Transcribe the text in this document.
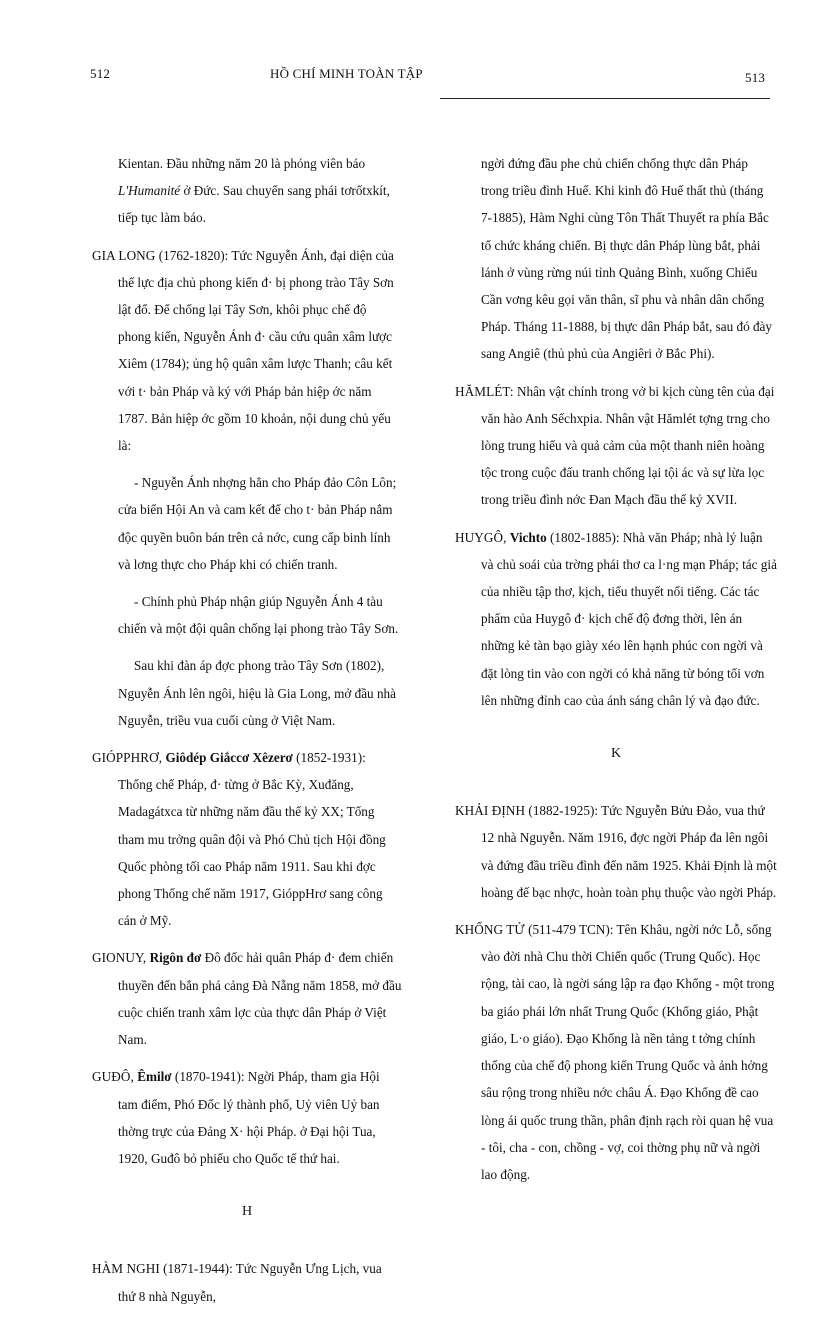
512	HỒ CHÍ MINH TOÀN TẬP	513

Kientan. Đầu những năm 20 là phóng viên báo L'Humanité ở Đức. Sau chuyển sang phái tơrốtxkít, tiếp tục làm báo.

GIA LONG (1762-1820): Tức Nguyễn Ánh, đại diện của thế lực địa chủ phong kiến đ· bị phong trào Tây Sơn lật đổ. Để chống lại Tây Sơn, khôi phục chế độ phong kiến, Nguyễn Ánh đ· cầu cứu quân xâm lược Xiêm (1784); ủng hộ quân xâm lược Thanh; câu kết với t· bản Pháp và ký với Pháp bản hiệp ớc năm 1787. Bản hiệp ớc gồm 10 khoản, nội dung chủ yếu là:

- Nguyễn Ánh nhợng hẳn cho Pháp đảo Côn Lôn; cửa biển Hội An và cam kết để cho t· bản Pháp nắm độc quyền buôn bán trên cả nớc, cung cấp binh lính và lơng thực cho Pháp khi có chiến tranh.

- Chính phủ Pháp nhận giúp Nguyễn Ánh 4 tàu chiến và một đội quân chống lại phong trào Tây Sơn.

Sau khi đàn áp đợc phong trào Tây Sơn (1802), Nguyễn Ánh lên ngôi, hiệu là Gia Long, mở đầu nhà Nguyễn, triều vua cuối cùng ở Việt Nam.

GIÓPPHRƠ, Giôdép Giắccơ Xêzerơ (1852-1931): Thống chế Pháp, đ· từng ở Bắc Kỳ, Xuđăng, Madagátxca từ những năm đầu thế kỷ XX; Tổng tham mu trởng quân đội và Phó Chủ tịch Hội đồng Quốc phòng tối cao Pháp năm 1911. Sau khi đợc phong Thống chế năm 1917, GióppHrơ sang công cán ở Mỹ.

GIONUY, Rigôn đơ Đô đốc hải quân Pháp đ· đem chiến thuyền đến bắn phá cảng Đà Nẵng năm 1858, mở đầu cuộc chiến tranh xâm lợc của thực dân Pháp ở Việt Nam.

GUĐÔ, Êmilơ (1870-1941): Ngời Pháp, tham gia Hội tam điểm, Phó Đốc lý thành phố, Uỷ viên Uỷ ban thờng trực của Đảng X· hội Pháp. ở Đại hội Tua, 1920, Guđô bỏ phiếu cho Quốc tế thứ hai.

H

HÀM NGHI (1871-1944): Tức Nguyễn Ưng Lịch, vua thứ 8 nhà Nguyễn,

ngời đứng đầu phe chủ chiến chống thực dân Pháp trong triều đình Huế. Khi kinh đô Huế thất thủ (tháng 7-1885), Hàm Nghi cùng Tôn Thất Thuyết ra phía Bắc tổ chức kháng chiến. Bị thực dân Pháp lùng bắt, phải lánh ở vùng rừng núi tỉnh Quảng Bình, xuống Chiếu Cần vơng kêu gọi văn thân, sĩ phu và nhân dân chống Pháp. Tháng 11-1888, bị thực dân Pháp bắt, sau đó đày sang Angiê (thủ phủ của Angiêri ở Bắc Phi).

HĂMLÉT: Nhân vật chính trong vở bi kịch cùng tên của đại văn hào Anh Sếchxpia. Nhân vật Hămlét tợng trng cho lòng trung hiếu và quả cảm của một thanh niên hoàng tộc trong cuộc đấu tranh chống lại tội ác và sự lừa lọc trong triều đình nớc Đan Mạch đầu thế kỷ XVII.

HUYGÔ, Vichto (1802-1885): Nhà văn Pháp; nhà lý luận và chủ soái của trờng phái thơ ca l·ng mạn Pháp; tác giả của nhiều tập thơ, kịch, tiểu thuyết nổi tiếng. Các tác phẩm của Huygô đ· kịch chế độ đơng thời, lên án những kẻ tàn bạo giày xéo lên hạnh phúc con ngời và đặt lòng tin vào con ngời có khả năng từ bóng tối vơn lên những đỉnh cao của ánh sáng chân lý và đạo đức.

K

KHẢI ĐỊNH (1882-1925): Tức Nguyễn Bửu Đảo, vua thứ 12 nhà Nguyễn. Năm 1916, đợc ngời Pháp đa lên ngôi và đứng đầu triều đình đến năm 1925. Khải Định là một hoàng đế bạc nhợc, hoàn toàn phụ thuộc vào ngời Pháp.

KHỔNG TỬ (511-479 TCN): Tên Khâu, ngời nớc Lỗ, sống vào đời nhà Chu thời Chiến quốc (Trung Quốc). Học rộng, tài cao, là ngời sáng lập ra đạo Khổng - một trong ba giáo phái lớn nhất Trung Quốc (Khổng giáo, Phật giáo, L·o giáo). Đạo Khổng là nền tảng t tởng chính thống của chế độ phong kiến Trung Quốc và ảnh hởng sâu rộng trong nhiều nớc châu Á. Đạo Khổng đề cao lòng ái quốc trung thần, phân định rạch ròi quan hệ vua - tôi, cha - con, chồng - vợ, coi thờng phụ nữ và ngời lao động.
